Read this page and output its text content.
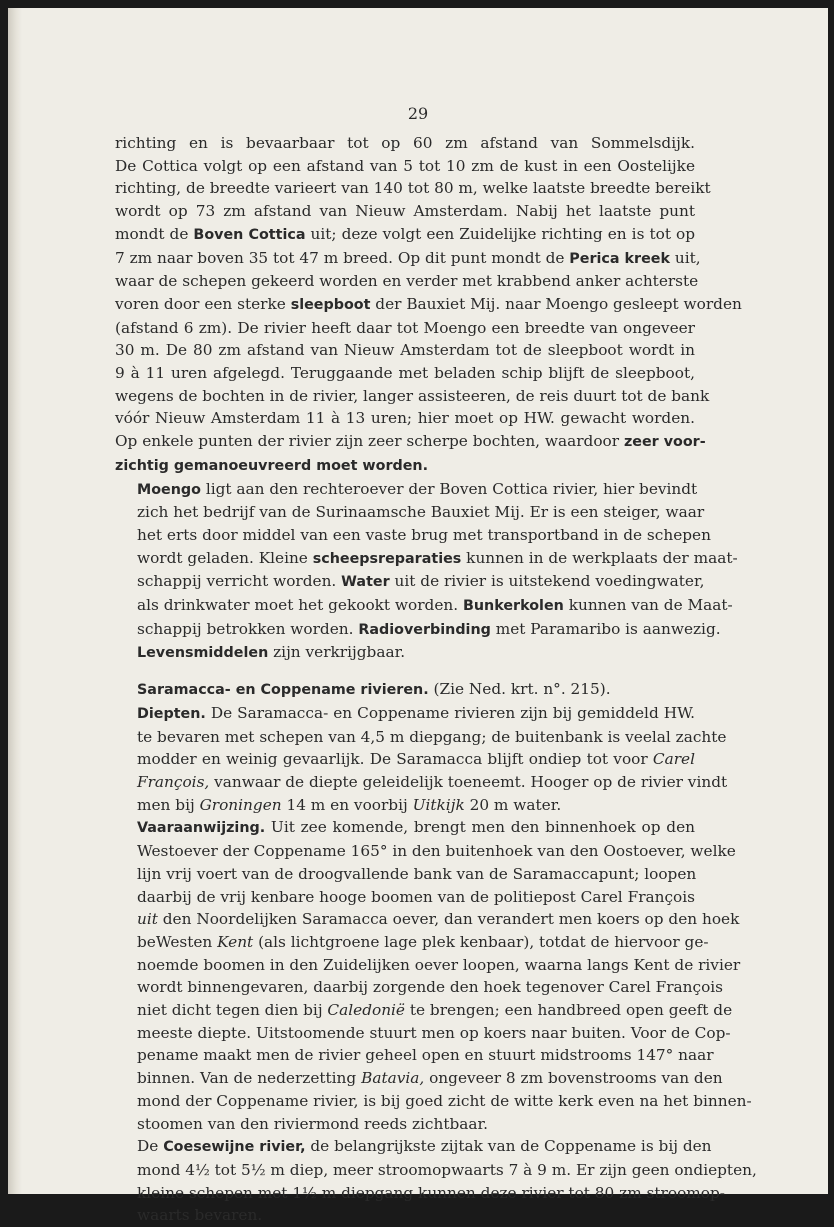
29

richting en is bevaarbaar tot op 60 zm afstand van Sommelsdijk.
De Cottica volgt op een afstand van 5 tot 10 zm de kust in een Oostelijke
richting, de breedte varieert van 140 tot 80 m, welke laatste breedte bereikt
wordt op 73 zm afstand van Nieuw Amsterdam. Nabij het laatste punt
mondt de Boven Cottica uit; deze volgt een Zuidelijke richting en is tot op
7 zm naar boven 35 tot 47 m breed. Op dit punt mondt de Perica kreek uit,
waar de schepen gekeerd worden en verder met krabbend anker achterste
voren door een sterke sleepboot der Bauxiet Mij. naar Moengo gesleept worden
(afstand 6 zm). De rivier heeft daar tot Moengo een breedte van ongeveer
30 m. De 80 zm afstand van Nieuw Amsterdam tot de sleepboot wordt in
9 à 11 uren afgelegd. Teruggaande met beladen schip blijft de sleepboot,
wegens de bochten in de rivier, langer assisteeren, de reis duurt tot de bank
vóór Nieuw Amsterdam 11 à 13 uren; hier moet op HW. gewacht worden.
Op enkele punten der rivier zijn zeer scherpe bochten, waardoor zeer voor-
zichtig gemanoeuvreerd moet worden.

Moengo ligt aan den rechteroever der Boven Cottica rivier, hier bevindt
zich het bedrijf van de Surinaamsche Bauxiet Mij. Er is een steiger, waar
het erts door middel van een vaste brug met transportband in de schepen
wordt geladen. Kleine scheepsreparaties kunnen in de werkplaats der maat-
schappij verricht worden. Water uit de rivier is uitstekend voedingwater,
als drinkwater moet het gekookt worden. Bunkerkolen kunnen van de Maat-
schappij betrokken worden. Radioverbinding met Paramaribo is aanwezig.
Levensmiddelen zijn verkrijgbaar.

Saramacca- en Coppename rivieren. (Zie Ned. krt. n°. 215).

Diepten. De Saramacca- en Coppename rivieren zijn bij gemiddeld HW.
te bevaren met schepen van 4,5 m diepgang; de buitenbank is veelal zachte
modder en weinig gevaarlijk. De Saramacca blijft ondiep tot voor Carel
François, vanwaar de diepte geleidelijk toeneemt. Hooger op de rivier vindt
men bij Groningen 14 m en voorbij Uitkijk 20 m water.

Vaaraanwijzing. Uit zee komende, brengt men den binnenhoek op den
Westoever der Coppename 165° in den buitenhoek van den Oostoever, welke
lijn vrij voert van de droogvallende bank van de Saramaccapunt; loopen
daarbij de vrij kenbare hooge boomen van de politiepost Carel François
uit den Noordelijken Saramacca oever, dan verandert men koers op den hoek
beWesten Kent (als lichtgroene lage plek kenbaar), totdat de hiervoor ge-
noemde boomen in den Zuidelijken oever loopen, waarna langs Kent de rivier
wordt binnengevaren, daarbij zorgende den hoek tegenover Carel François
niet dicht tegen dien bij Caledonië te brengen; een handbreed open geeft de
meeste diepte. Uitstoomende stuurt men op koers naar buiten. Voor de Cop-
pename maakt men de rivier geheel open en stuurt midstrooms 147° naar
binnen. Van de nederzetting Batavia, ongeveer 8 zm bovenstrooms van den
mond der Coppename rivier, is bij goed zicht de witte kerk even na het binnen-
stoomen van den riviermond reeds zichtbaar.

De Coesewijne rivier, de belangrijkste zijtak van de Coppename is bij den
mond 4½ tot 5½ m diep, meer stroomopwaarts 7 à 9 m. Er zijn geen ondiepten,
kleine schepen met 1½ m diepgang kunnen deze rivier tot 80 zm stroomop-
waarts bevaren.
